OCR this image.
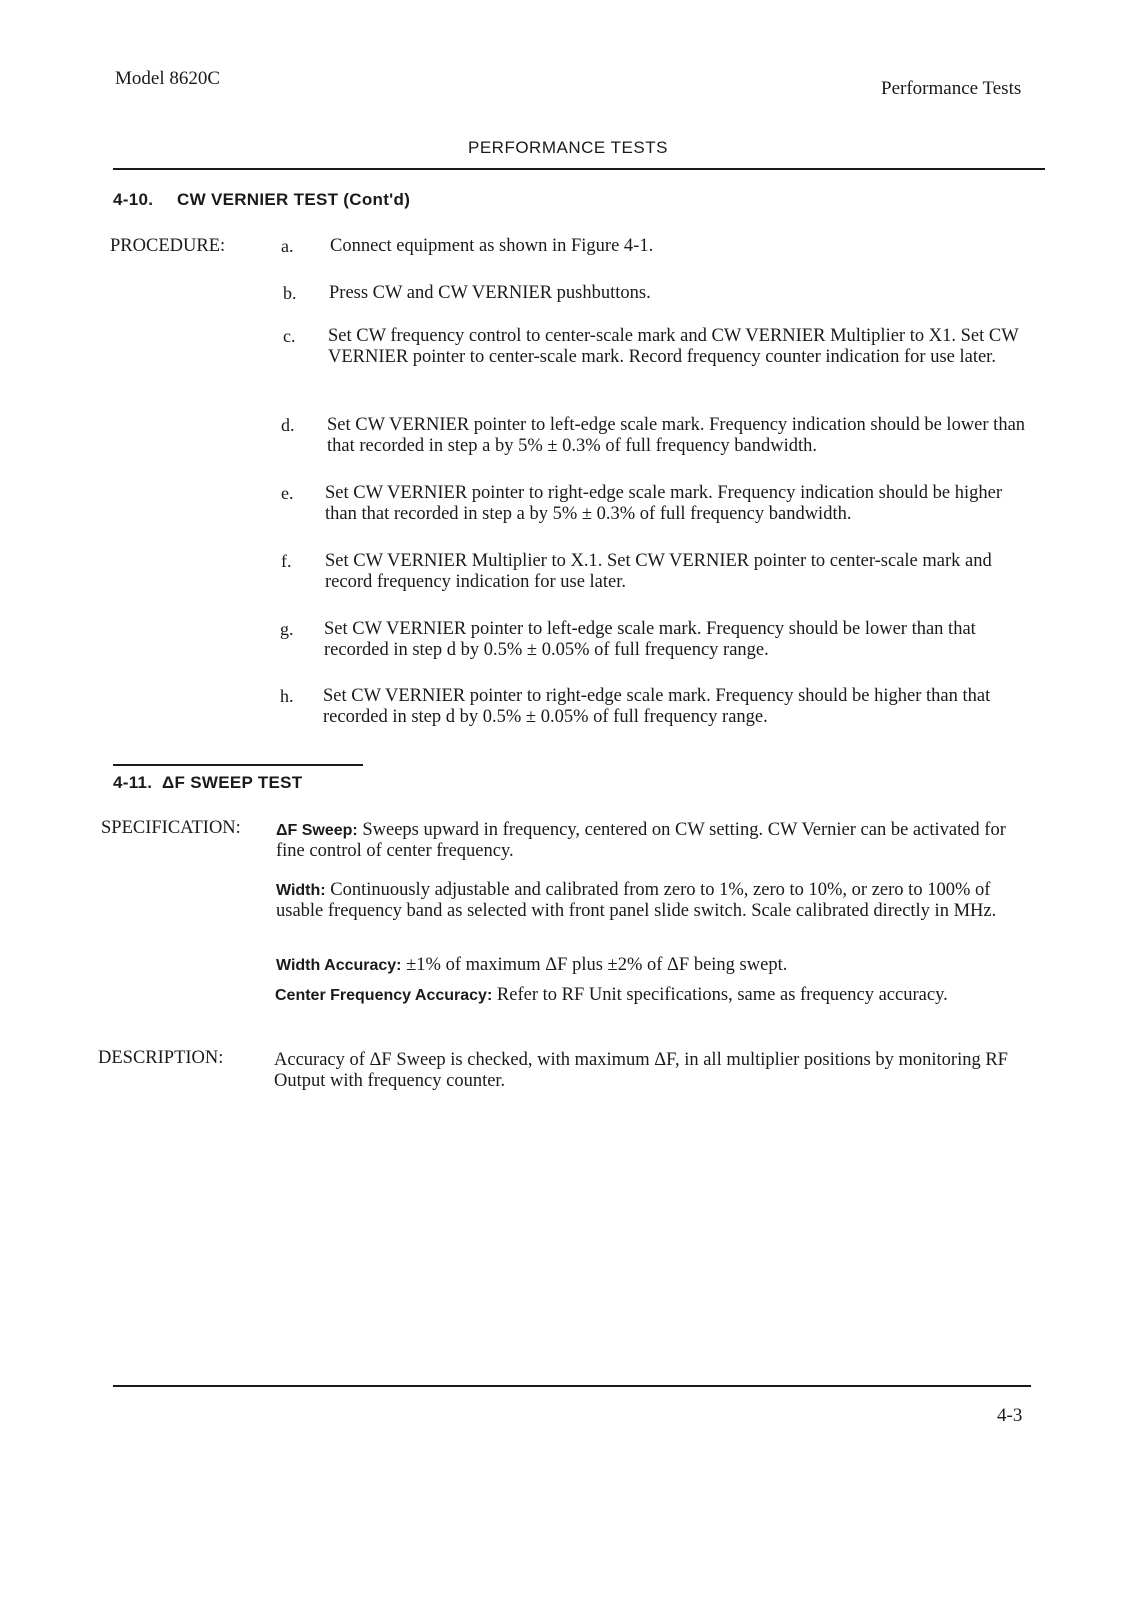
Model 8620C	Performance Tests
PERFORMANCE TESTS
4-10. CW VERNIER TEST (Cont'd)
PROCEDURE:	a. Connect equipment as shown in Figure 4-1.
b. Press CW and CW VERNIER pushbuttons.
c. Set CW frequency control to center-scale mark and CW VERNIER Multiplier to X1. Set CW VERNIER pointer to center-scale mark. Record frequency counter indication for use later.
d. Set CW VERNIER pointer to left-edge scale mark. Frequency indication should be lower than that recorded in step a by 5% ± 0.3% of full frequency bandwidth.
e. Set CW VERNIER pointer to right-edge scale mark. Frequency indication should be higher than that recorded in step a by 5% ± 0.3% of full frequency bandwidth.
f. Set CW VERNIER Multiplier to X.1. Set CW VERNIER pointer to center-scale mark and record frequency indication for use later.
g. Set CW VERNIER pointer to left-edge scale mark. Frequency should be lower than that recorded in step d by 0.5% ± 0.05% of full frequency range.
h. Set CW VERNIER pointer to right-edge scale mark. Frequency should be higher than that recorded in step d by 0.5% ± 0.05% of full frequency range.
4-11. ΔF SWEEP TEST
SPECIFICATION: ΔF Sweep: Sweeps upward in frequency, centered on CW setting. CW Vernier can be activated for fine control of center frequency.
Width: Continuously adjustable and calibrated from zero to 1%, zero to 10%, or zero to 100% of usable frequency band as selected with front panel slide switch. Scale calibrated directly in MHz.
Width Accuracy: ±1% of maximum ΔF plus ±2% of ΔF being swept.
Center Frequency Accuracy: Refer to RF Unit specifications, same as frequency accuracy.
DESCRIPTION:	Accuracy of ΔF Sweep is checked, with maximum ΔF, in all multiplier positions by monitoring RF Output with frequency counter.
4-3
